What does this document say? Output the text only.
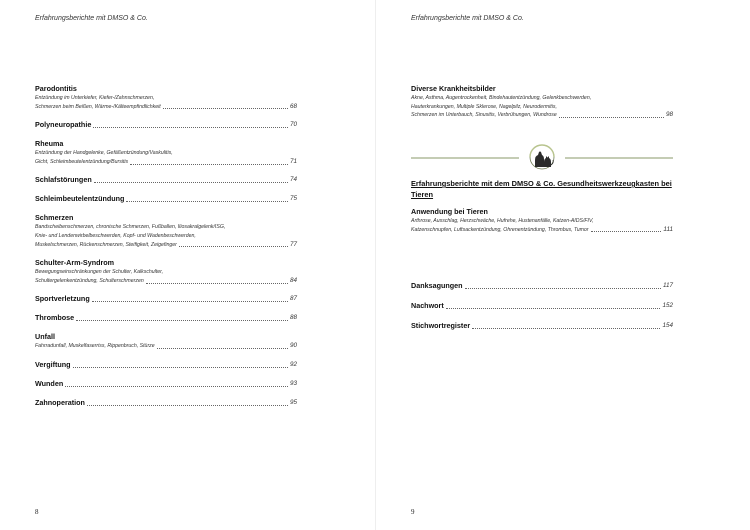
Erfahrungsberichte mit DMSO & Co.
Parodontitis
Entzündung im Unterkiefer, Kiefer-/Zahnschmerzen,
Schmerzen beim Beißen, Wärme-/Kälteempfindlichkeit	68
Polyneuropathie	70
Rheuma
Entzündung der Handgelenke, Gefäßentzündung/Vaskulitis,
Gicht, Schleimbeutelentzündung/Bursitis	71
Schlafstörungen	74
Schleimbeutelentzündung	75
Schmerzen
Bandscheibenschmerzen, chronische Schmerzen, Fußballen, Iliosakralgelenk/ISG,
Knie- und Lendenwirbelbeschwerden, Kopf- und Wadenbeschwerden,
Muskelschmerzen, Rückenschmerzen, Steifigkeit, Zeigefinger	77
Schulter-Arm-Syndrom
Bewegungseinschränkungen der Schulter, Kalkschulter,
Schultergelenkentzündung, Schulterschmerzen	84
Sportverletzung	87
Thrombose	88
Unfall
Fahrradunfall, Muskelfaserriss, Rippenbruch, Stürze	90
Vergiftung	92
Wunden	93
Zahnoperation	95
8
Erfahrungsberichte mit DMSO & Co.
Diverse Krankheitsbilder
Akne, Asthma, Augentrockenheit, Bindehautentzündung, Gelenkbeschwerden,
Hauterkrankungen, Multiple Sklerose, Nagelpilz, Neurodermitis,
Schmerzen im Unterbauch, Sinusitis, Verbrühungen, Wundrose	98
Erfahrungsberichte mit dem DMSO & Co. Gesundheitswerkzeugkasten bei Tieren
Anwendung bei Tieren
Arthrose, Ausschlag, Herzschwäche, Hufrehe, Hustenanfälle, Katzen-AIDS/FIV,
Katzenschnupfen, Luftsackentzündung, Ohrenentzündung, Thrombus, Tumor	111
Danksagungen	117
Nachwort	152
Stichwortregister	154
9
